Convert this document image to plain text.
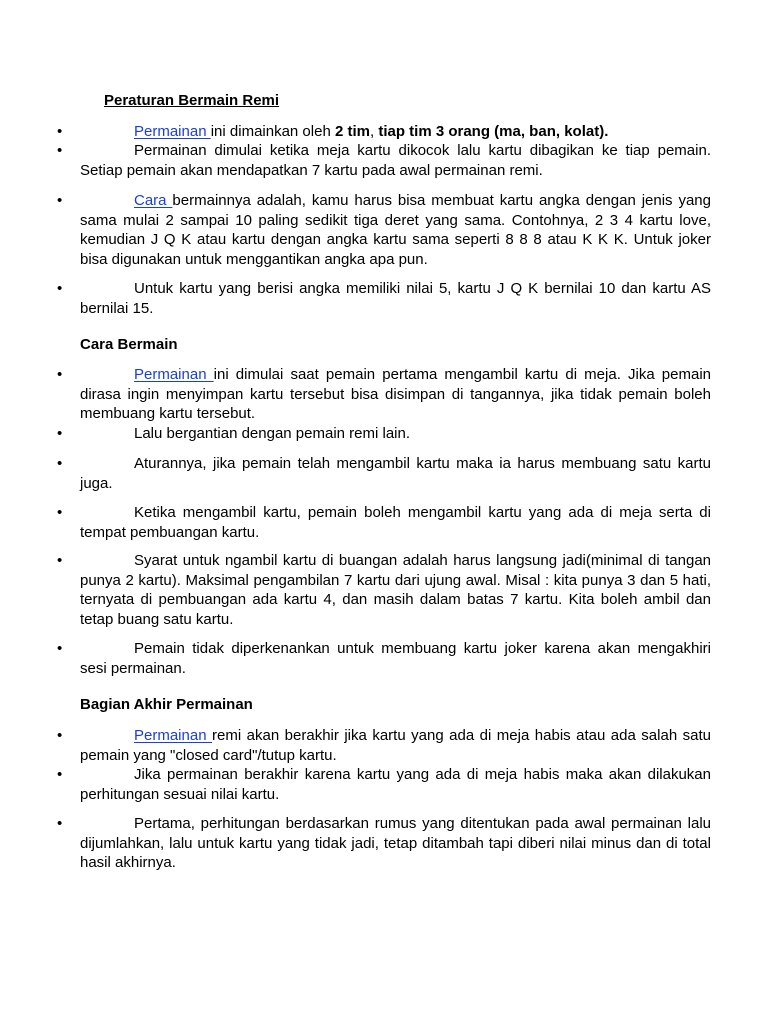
Peraturan Bermain Remi
•	Permainan ini dimainkan oleh 2 tim, tiap tim 3 orang (ma, ban, kolat).

•	Permainan dimulai ketika meja kartu dikocok lalu kartu dibagikan ke tiap pemain. Setiap pemain akan mendapatkan 7 kartu pada awal permainan remi.

•	Cara bermainnya adalah, kamu harus bisa membuat kartu angka dengan jenis yang sama mulai 2 sampai 10 paling sedikit tiga deret yang sama. Contohnya, 2 3 4 kartu love, kemudian J Q K atau kartu dengan angka kartu sama seperti 8 8 8 atau K K K. Untuk joker bisa digunakan untuk menggantikan angka apa pun.

•	Untuk kartu yang berisi angka memiliki nilai 5, kartu J Q K bernilai 10 dan kartu AS bernilai 15.

Cara Bermain
•	Permainan ini dimulai saat pemain pertama mengambil kartu di meja. Jika pemain dirasa ingin menyimpan kartu tersebut bisa disimpan di tangannya, jika tidak pemain boleh membuang kartu tersebut.

•	Lalu bergantian dengan pemain remi lain.

•	Aturannya, jika pemain telah mengambil kartu maka ia harus membuang satu kartu juga.

•	Ketika mengambil kartu, pemain boleh mengambil kartu yang ada di meja serta di tempat pembuangan kartu.

•	Syarat untuk ngambil kartu di buangan adalah harus langsung jadi(minimal di tangan punya 2 kartu). Maksimal pengambilan 7 kartu dari ujung awal. Misal : kita punya 3 dan 5 hati, ternyata di pembuangan ada kartu 4, dan masih dalam batas 7 kartu. Kita boleh ambil dan tetap buang satu kartu.

•	Pemain tidak diperkenankan untuk membuang kartu joker karena akan mengakhiri sesi permainan.

Bagian Akhir Permainan
•	Permainan remi akan berakhir jika kartu yang ada di meja habis atau ada salah satu pemain yang "closed card"/tutup kartu.

•	Jika permainan berakhir karena kartu yang ada di meja habis maka akan dilakukan perhitungan sesuai nilai kartu.

•	Pertama, perhitungan berdasarkan rumus yang ditentukan pada awal permainan lalu dijumlahkan, lalu untuk kartu yang tidak jadi, tetap ditambah tapi diberi nilai minus dan di total hasil akhirnya.
